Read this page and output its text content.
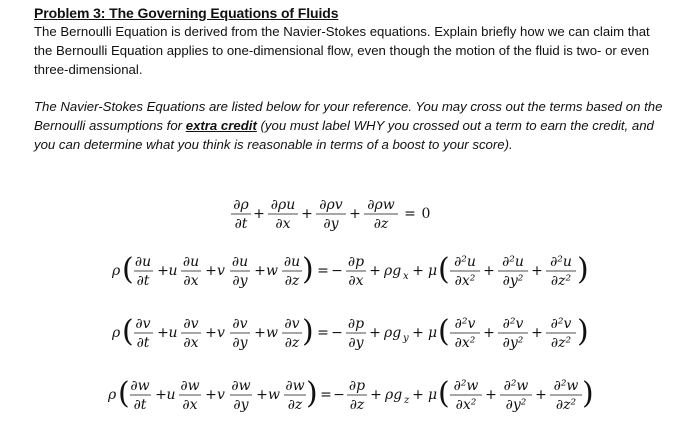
Problem 3: The Governing Equations of Fluids
The Bernoulli Equation is derived from the Navier-Stokes equations. Explain briefly how we can claim that the Bernoulli Equation applies to one-dimensional flow, even though the motion of the fluid is two- or even three-dimensional.
The Navier-Stokes Equations are listed below for your reference. You may cross out the terms based on the Bernoulli assumptions for extra credit (you must label WHY you crossed out a term to earn the credit, and you can determine what you think is reasonable in terms of a boost to your score).
∂ρ
∂t
+
∂ρu
∂x
+
∂ρv
∂y
+
∂ρw
∂z
= 0
ρ ( ∂u
∂t
+ u
∂u
∂x
+ v
∂u
∂y
+ w
∂u
∂z ) = −
∂p
∂x
+ ρg x + μ ( ∂²u
∂x²
+
∂²u
∂y²
+
∂²u
∂z² )
ρ ( ∂v
∂t
+ u
∂v
∂x
+ v
∂v
∂y
+ w
∂v
∂z ) = −
∂p
∂y
+ ρg y + μ ( ∂²v
∂x²
+
∂²v
∂y²
+
∂²v
∂z² )
ρ ( ∂w
∂t
+ u
∂w
∂x
+ v
∂w
∂y
+ w
∂w
∂z ) = −
∂p
∂z
+ ρg z + μ ( ∂²w
∂x²
+
∂²w
∂y²
+
∂²w
∂z² )
